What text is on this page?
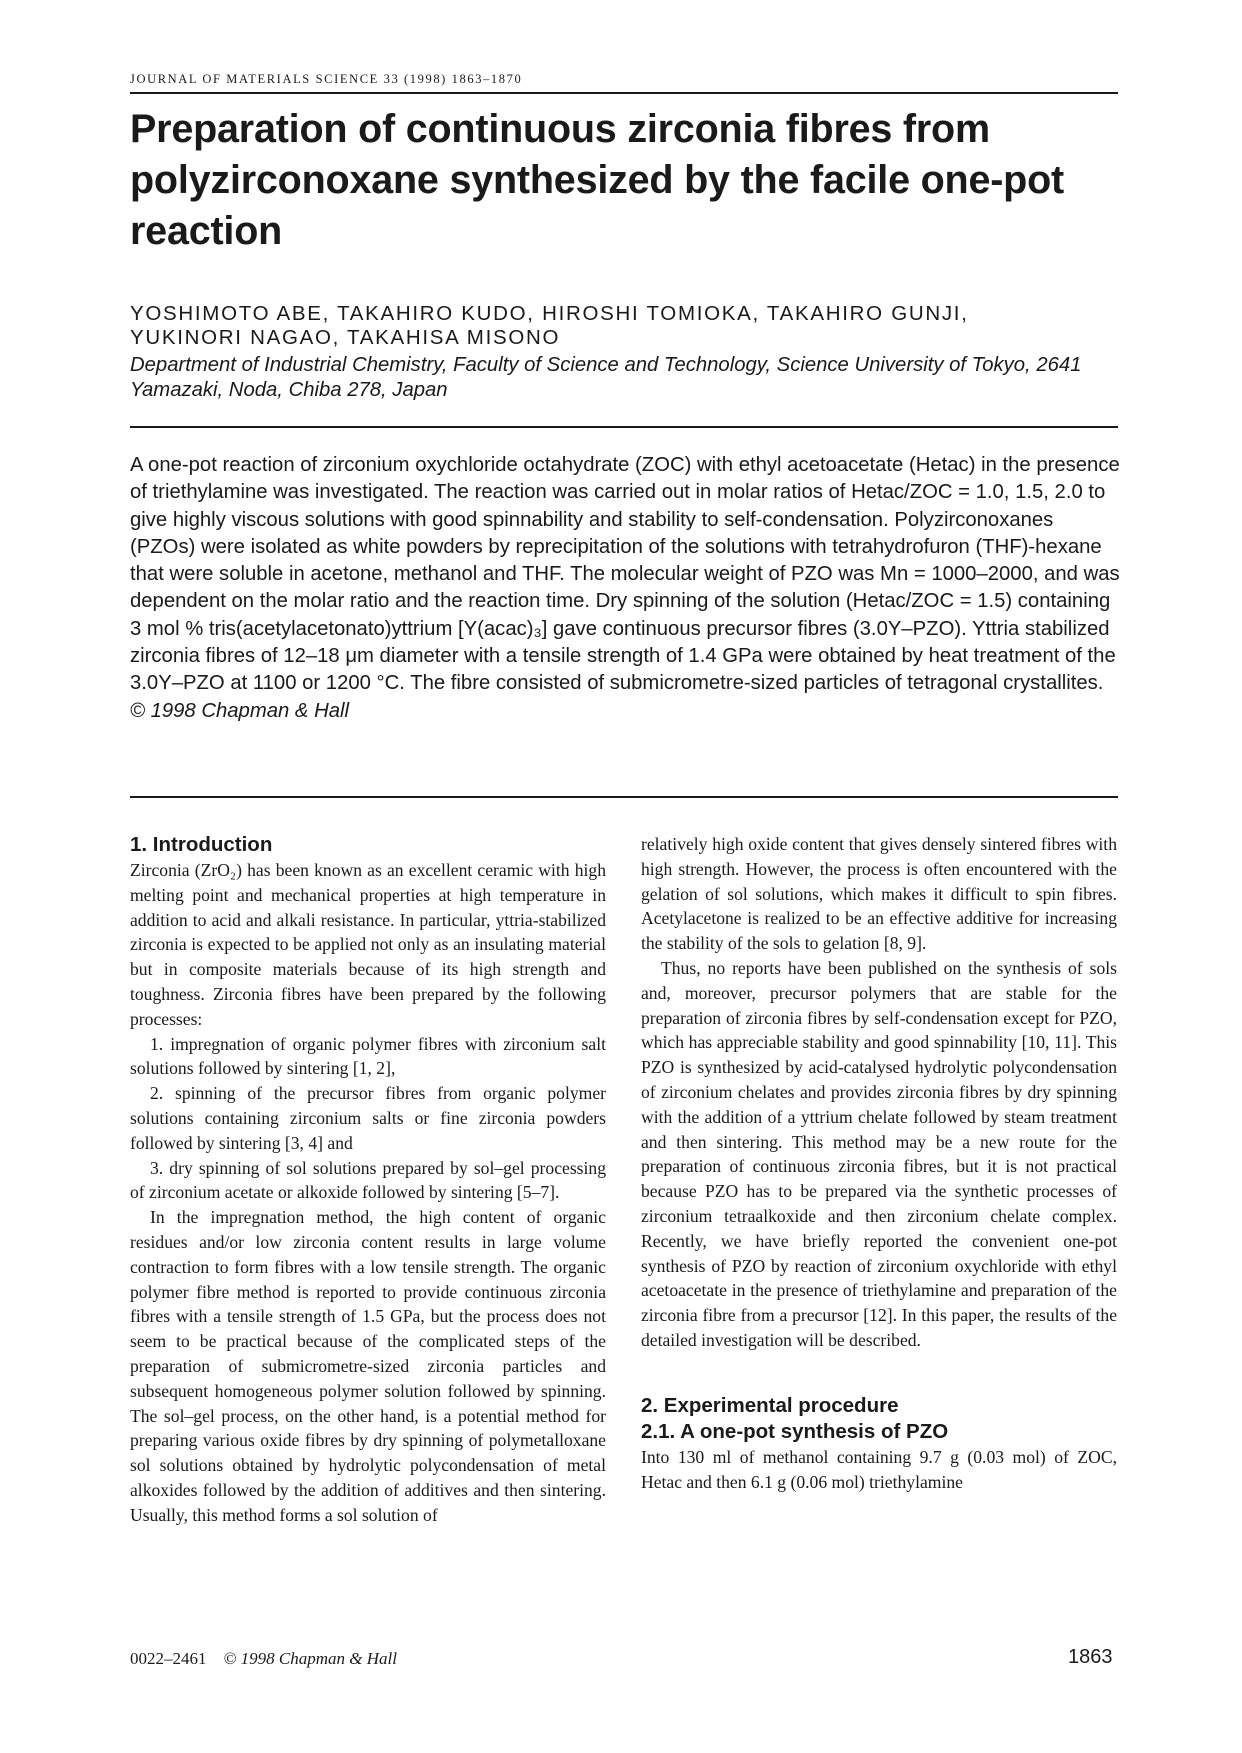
JOURNAL OF MATERIALS SCIENCE 33 (1998) 1863–1870
Preparation of continuous zirconia fibres from polyzirconoxane synthesized by the facile one-pot reaction
YOSHIMOTO ABE, TAKAHIRO KUDO, HIROSHI TOMIOKA, TAKAHIRO GUNJI,
YUKINORI NAGAO, TAKAHISA MISONO
Department of Industrial Chemistry, Faculty of Science and Technology, Science University of Tokyo, 2641 Yamazaki, Noda, Chiba 278, Japan

A one-pot reaction of zirconium oxychloride octahydrate (ZOC) with ethyl acetoacetate (Hetac) in the presence of triethylamine was investigated. The reaction was carried out in molar ratios of Hetac/ZOC = 1.0, 1.5, 2.0 to give highly viscous solutions with good spinnability and stability to self-condensation. Polyzirconoxanes (PZOs) were isolated as white powders by reprecipitation of the solutions with tetrahydrofuron (THF)-hexane that were soluble in acetone, methanol and THF. The molecular weight of PZO was Mn = 1000–2000, and was dependent on the molar ratio and the reaction time. Dry spinning of the solution (Hetac/ZOC = 1.5) containing 3 mol % tris(acetylacetonato)yttrium [Y(acac)₃] gave continuous precursor fibres (3.0Y–PZO). Yttria stabilized zirconia fibres of 12–18 μm diameter with a tensile strength of 1.4 GPa were obtained by heat treatment of the 3.0Y–PZO at 1100 or 1200 °C. The fibre consisted of submicrometre-sized particles of tetragonal crystallites. © 1998 Chapman & Hall

1. Introduction

Zirconia (ZrO₂) has been known as an excellent ceramic with high melting point and mechanical properties at high temperature in addition to acid and alkali resistance. In particular, yttria-stabilized zirconia is expected to be applied not only as an insulating material but in composite materials because of its high strength and toughness. Zirconia fibres have been prepared by the following processes:

1. impregnation of organic polymer fibres with zirconium salt solutions followed by sintering [1, 2],

2. spinning of the precursor fibres from organic polymer solutions containing zirconium salts or fine zirconia powders followed by sintering [3, 4] and

3. dry spinning of sol solutions prepared by sol–gel processing of zirconium acetate or alkoxide followed by sintering [5–7].

In the impregnation method, the high content of organic residues and/or low zirconia content results in large volume contraction to form fibres with a low tensile strength. The organic polymer fibre method is reported to provide continuous zirconia fibres with a tensile strength of 1.5 GPa, but the process does not seem to be practical because of the complicated steps of the preparation of submicrometre-sized zirconia particles and subsequent homogeneous polymer solution followed by spinning. The sol–gel process, on the other hand, is a potential method for preparing various oxide fibres by dry spinning of polymetalloxane sol solutions obtained by hydrolytic polycondensation of metal alkoxides followed by the addition of additives and then sintering. Usually, this method forms a sol solution of

relatively high oxide content that gives densely sintered fibres with high strength. However, the process is often encountered with the gelation of sol solutions, which makes it difficult to spin fibres. Acetylacetone is realized to be an effective additive for increasing the stability of the sols to gelation [8, 9].

Thus, no reports have been published on the synthesis of sols and, moreover, precursor polymers that are stable for the preparation of zirconia fibres by self-condensation except for PZO, which has appreciable stability and good spinnability [10, 11]. This PZO is synthesized by acid-catalysed hydrolytic polycondensation of zirconium chelates and provides zirconia fibres by dry spinning with the addition of a yttrium chelate followed by steam treatment and then sintering. This method may be a new route for the preparation of continuous zirconia fibres, but it is not practical because PZO has to be prepared via the synthetic processes of zirconium tetraalkoxide and then zirconium chelate complex. Recently, we have briefly reported the convenient one-pot synthesis of PZO by reaction of zirconium oxychloride with ethyl acetoacetate in the presence of triethylamine and preparation of the zirconia fibre from a precursor [12]. In this paper, the results of the detailed investigation will be described.

2. Experimental procedure
2.1. A one-pot synthesis of PZO

Into 130 ml of methanol containing 9.7 g (0.03 mol) of ZOC, Hetac and then 6.1 g (0.06 mol) triethylamine

0022–2461 © 1998 Chapman & Hall	1863
